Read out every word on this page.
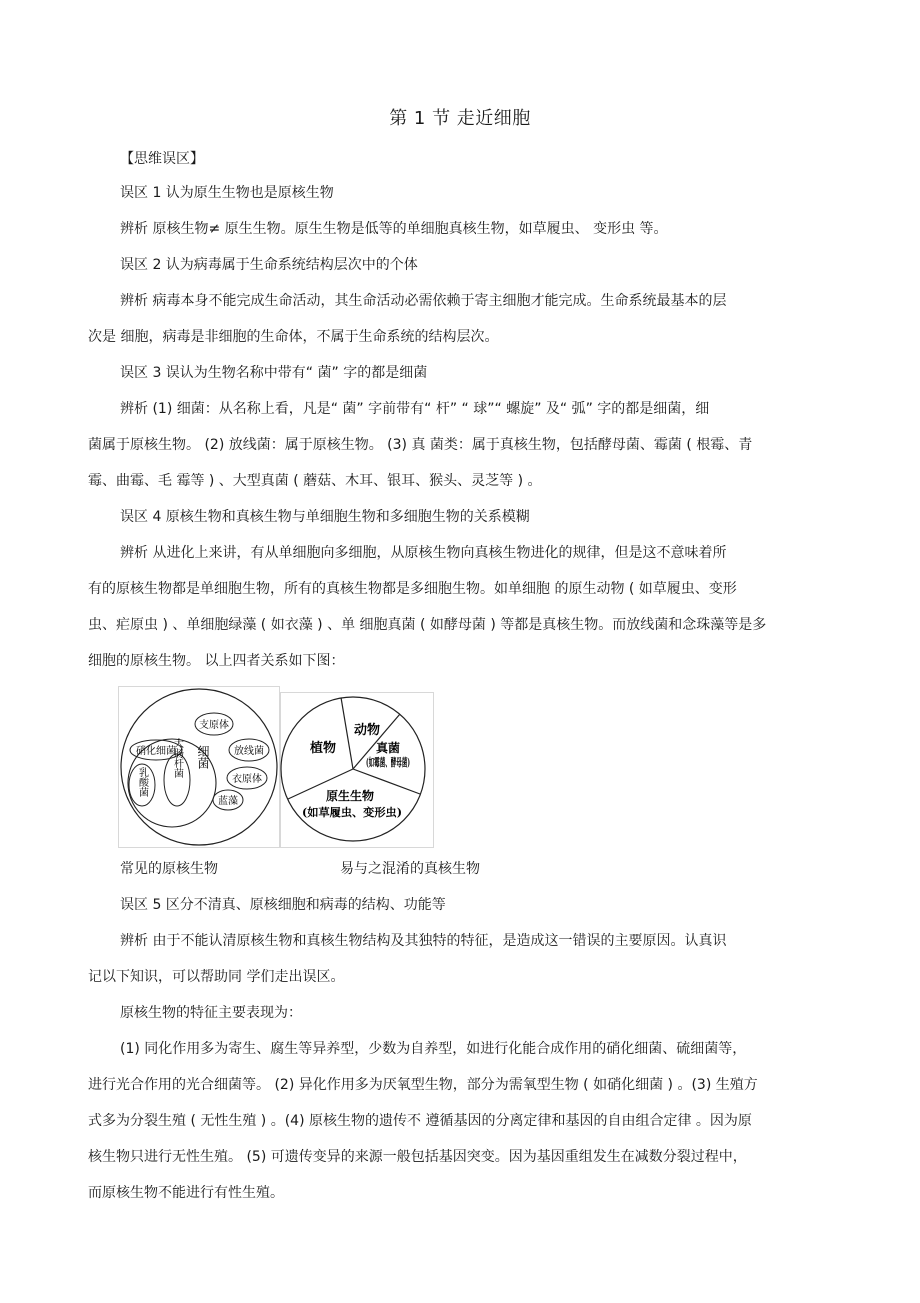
第 1 节 走近细胞
【思维误区】
误区 1 认为原生生物也是原核生物
辨析 原核生物≠ 原生生物。原生生物是低等的单细胞真核生物，如草履虫、 变形虫 等。
误区 2 认为病毒属于生命系统结构层次中的个体
辨析 病毒本身不能完成生命活动，其生命活动必需依赖于寄主细胞才能完成。生命系统最基本的层
次是 细胞，病毒是非细胞的生命体，不属于生命系统的结构层次。
误区 3 误认为生物名称中带有“ 菌” 字的都是细菌
辨析 (1) 细菌：从名称上看，凡是“ 菌” 字前带有“ 杆” “ 球”“ 螺旋” 及“ 弧” 字的都是细菌，细
菌属于原核生物。 (2) 放线菌：属于原核生物。 (3) 真 菌类：属于真核生物，包括酵母菌、霉菌 ( 根霉、青
霉、曲霉、毛 霉等 ) 、大型真菌 ( 蘑菇、木耳、银耳、猴头、灵芝等 ) 。
误区 4 原核生物和真核生物与单细胞生物和多细胞生物的关系模糊
辨析 从进化上来讲，有从单细胞向多细胞，从原核生物向真核生物进化的规律，但是这不意味着所
有的原核生物都是单细胞生物，所有的真核生物都是多细胞生物。如单细胞 的原生动物 ( 如草履虫、变形
虫、疟原虫 ) 、单细胞绿藻 ( 如衣藻 ) 、单 细胞真菌 ( 如酵母菌 ) 等都是真核生物。而放线菌和念珠藻等是多
细胞的原核生物。 以上四者关系如下图：
支原体
硝化细菌
乳酸菌
大肠杆菌 细菌 放线菌
衣原体
蓝藻
植物
动物
真菌
(如霉菌、酵母菌)
原生生物
(如草履虫、变形虫)
常见的原核生物	易与之混淆的真核生物
误区 5 区分不清真、原核细胞和病毒的结构、功能等
辨析 由于不能认清原核生物和真核生物结构及其独特的特征，是造成这一错误的主要原因。认真识
记以下知识，可以帮助同 学们走出误区。
原核生物的特征主要表现为：
(1) 同化作用多为寄生、腐生等异养型，少数为自养型，如进行化能合成作用的硝化细菌、硫细菌等，
进行光合作用的光合细菌等。 (2) 异化作用多为厌氧型生物，部分为需氧型生物 ( 如硝化细菌 ) 。(3) 生殖方
式多为分裂生殖 ( 无性生殖 ) 。(4) 原核生物的遗传不 遵循基因的分离定律和基因的自由组合定律 。因为原
核生物只进行无性生殖。 (5) 可遗传变异的来源一般包括基因突变。因为基因重组发生在减数分裂过程中，
而原核生物不能进行有性生殖。
